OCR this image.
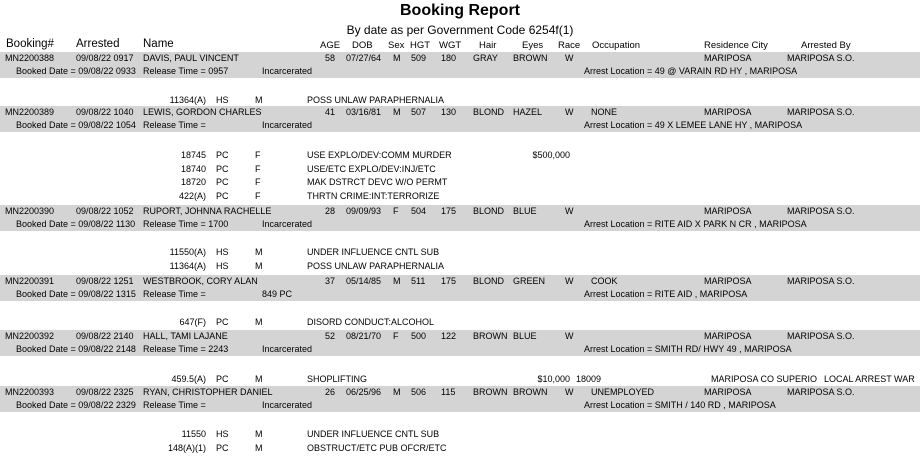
Booking Report
By date as per Government Code 6254f(1)
Booking# Arrested Name	AGE DOB Sex HGT WGT Hair	Eyes Race Occupation	Residence City	Arrested By
MN2200388 09/08/22 0917 DAVIS, PAUL VINCENT	58 07/27/64 M 509 180 GRAY BROWN W	MARIPOSA	MARIPOSA S.O.
Booked Date = 09/08/22 0933 Release Time = 0957	Incarcerated	Arrest Location = 49 @ VARAIN RD HY , MARIPOSA
11364(A) HS	M	POSS UNLAW PARAPHERNALIA
MN2200389 09/08/22 1040 LEWIS, GORDON CHARLES	41 03/16/81 M 507 130 BLOND HAZEL	W NONE	MARIPOSA	MARIPOSA S.O.
Booked Date = 09/08/22 1054 Release Time =	Incarcerated	Arrest Location = 49 X LEMEE LANE HY , MARIPOSA
18745 PC	F	USE EXPLO/DEV:COMM MURDER	$500,000
18740 PC	F	USE/ETC EXPLO/DEV:INJ/ETC
18720 PC	F	MAK DSTRCT DEVC W/O PERMT
422(A) PC	F	THRTN CRIME:INT:TERRORIZE
MN2200390 09/08/22 1052 RUPORT, JOHNNA RACHELLE	28 09/09/93 F 504 175 BLOND BLUE	W	MARIPOSA	MARIPOSA S.O.
Booked Date = 09/08/22 1130 Release Time = 1700	Incarcerated	Arrest Location = RITE AID X PARK N CR , MARIPOSA
11550(A) HS	M	UNDER INFLUENCE CNTL SUB
11364(A) HS	M	POSS UNLAW PARAPHERNALIA
MN2200391 09/08/22 1251 WESTBROOK, CORY ALAN	37 05/14/85 M 511 175 BLOND GREEN W COOK	MARIPOSA	MARIPOSA S.O.
Booked Date = 09/08/22 1315 Release Time =	849 PC	Arrest Location = RITE AID , MARIPOSA
647(F) PC	M	DISORD CONDUCT:ALCOHOL
MN2200392 09/08/22 2140 HALL, TAMI LAJANE	52 08/21/70 F 500 122 BROWN BLUE	W	MARIPOSA	MARIPOSA S.O.
Booked Date = 09/08/22 2148 Release Time = 2243	Incarcerated	Arrest Location = SMITH RD/ HWY 49 , MARIPOSA
459.5(A) PC	M	SHOPLIFTING	$10,000 18009	MARIPOSA CO SUPERIO LOCAL ARREST WAR
MN2200393 09/08/22 2325 RYAN, CHRISTOPHER DANIEL	26 06/25/96 M 506 115 BROWN BROWN W UNEMPLOYED	MARIPOSA	MARIPOSA S.O.
Booked Date = 09/08/22 2329 Release Time =	Incarcerated	Arrest Location = SMITH / 140 RD , MARIPOSA
11550 HS	M	UNDER INFLUENCE CNTL SUB
148(A)(1) PC	M	OBSTRUCT/ETC PUB OFCR/ETC
